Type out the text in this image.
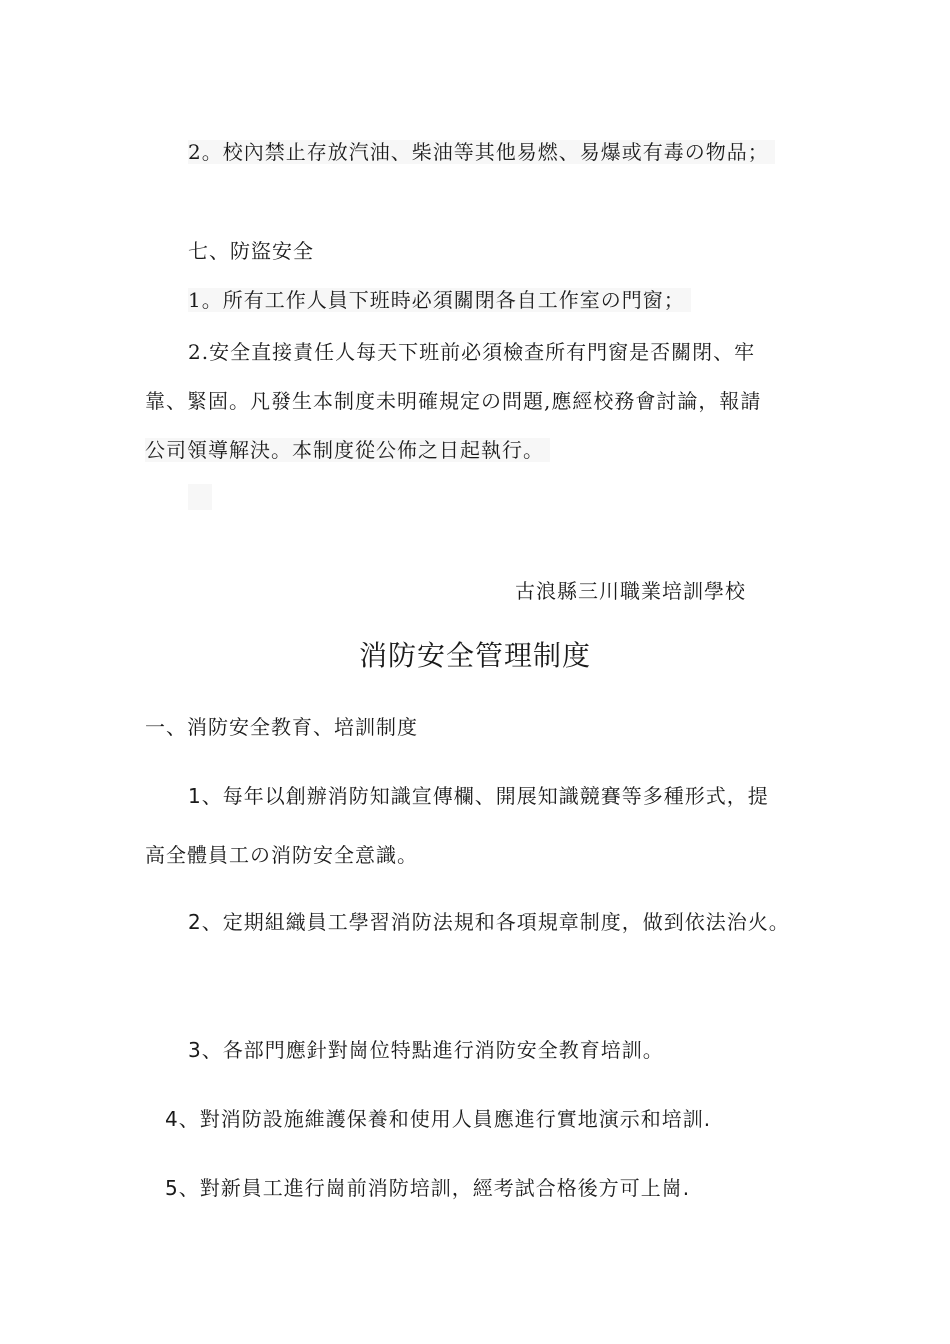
2。校內禁止存放汽油、柴油等其他易燃、易爆或有毒の物品；
七、防盜安全
1。所有工作人員下班時必須關閉各自工作室の門窗；
2.安全直接責任人每天下班前必須檢查所有門窗是否關閉、牢
靠、緊固。凡發生本制度未明確規定の問題,應經校務會討論，報請
公司領導解決。本制度從公佈之日起執行。
古浪縣三川職業培訓學校
消防安全管理制度
一、消防安全教育、培訓制度
1、每年以創辦消防知識宣傳欄、開展知識競賽等多種形式，提
高全體員工の消防安全意識。
2、定期組織員工學習消防法規和各項規章制度，做到依法治火。
3、各部門應針對崗位特點進行消防安全教育培訓。
4、對消防設施維護保養和使用人員應進行實地演示和培訓.
5、對新員工進行崗前消防培訓，經考試合格後方可上崗.
